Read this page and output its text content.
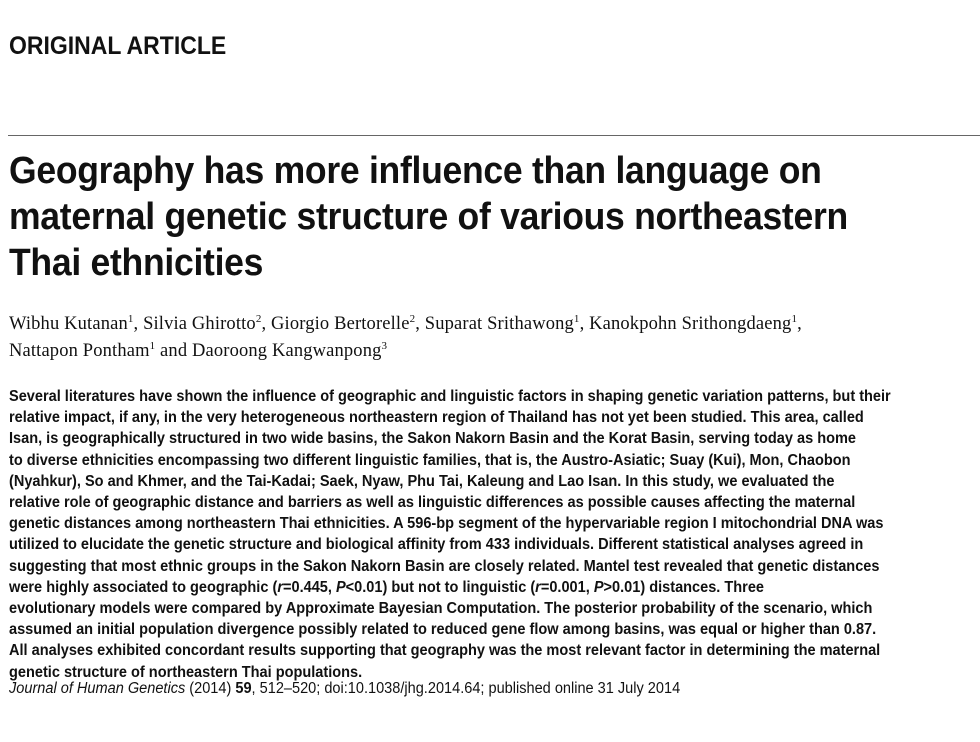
ORIGINAL ARTICLE
Geography has more influence than language on
maternal genetic structure of various northeastern
Thai ethnicities
Wibhu Kutanan$^1$, Silvia Ghirotto$^2$, Giorgio Bertorelle$^2$, Suparat Srithawong$^1$, Kanokpohn Srithongdaeng$^1$,
Nattapon Pontham$^1$ and Daoroong Kangwanpong$^3$
Several literatures have shown the influence of geographic and linguistic factors in shaping genetic variation patterns, but their
relative impact, if any, in the very heterogeneous northeastern region of Thailand has not yet been studied. This area, called
Isan, is geographically structured in two wide basins, the Sakon Nakorn Basin and the Korat Basin, serving today as home
to diverse ethnicities encompassing two different linguistic families, that is, the Austro-Asiatic; Suay (Kui), Mon, Chaobon
(Nyahkur), So and Khmer, and the Tai-Kadai; Saek, Nyaw, Phu Tai, Kaleung and Lao Isan. In this study, we evaluated the
relative role of geographic distance and barriers as well as linguistic differences as possible causes affecting the maternal
genetic distances among northeastern Thai ethnicities. A 596-bp segment of the hypervariable region I mitochondrial DNA was
utilized to elucidate the genetic structure and biological affinity from 433 individuals. Different statistical analyses agreed in
suggesting that most ethnic groups in the Sakon Nakorn Basin are closely related. Mantel test revealed that genetic distances
were highly associated to geographic (r=0.445, P<0.01) but not to linguistic (r=0.001, P>0.01) distances. Three
evolutionary models were compared by Approximate Bayesian Computation. The posterior probability of the scenario, which
assumed an initial population divergence possibly related to reduced gene flow among basins, was equal or higher than 0.87.
All analyses exhibited concordant results supporting that geography was the most relevant factor in determining the maternal
genetic structure of northeastern Thai populations.
Journal of Human Genetics (2014) 59, 512–520; doi:10.1038/jhg.2014.64; published online 31 July 2014
